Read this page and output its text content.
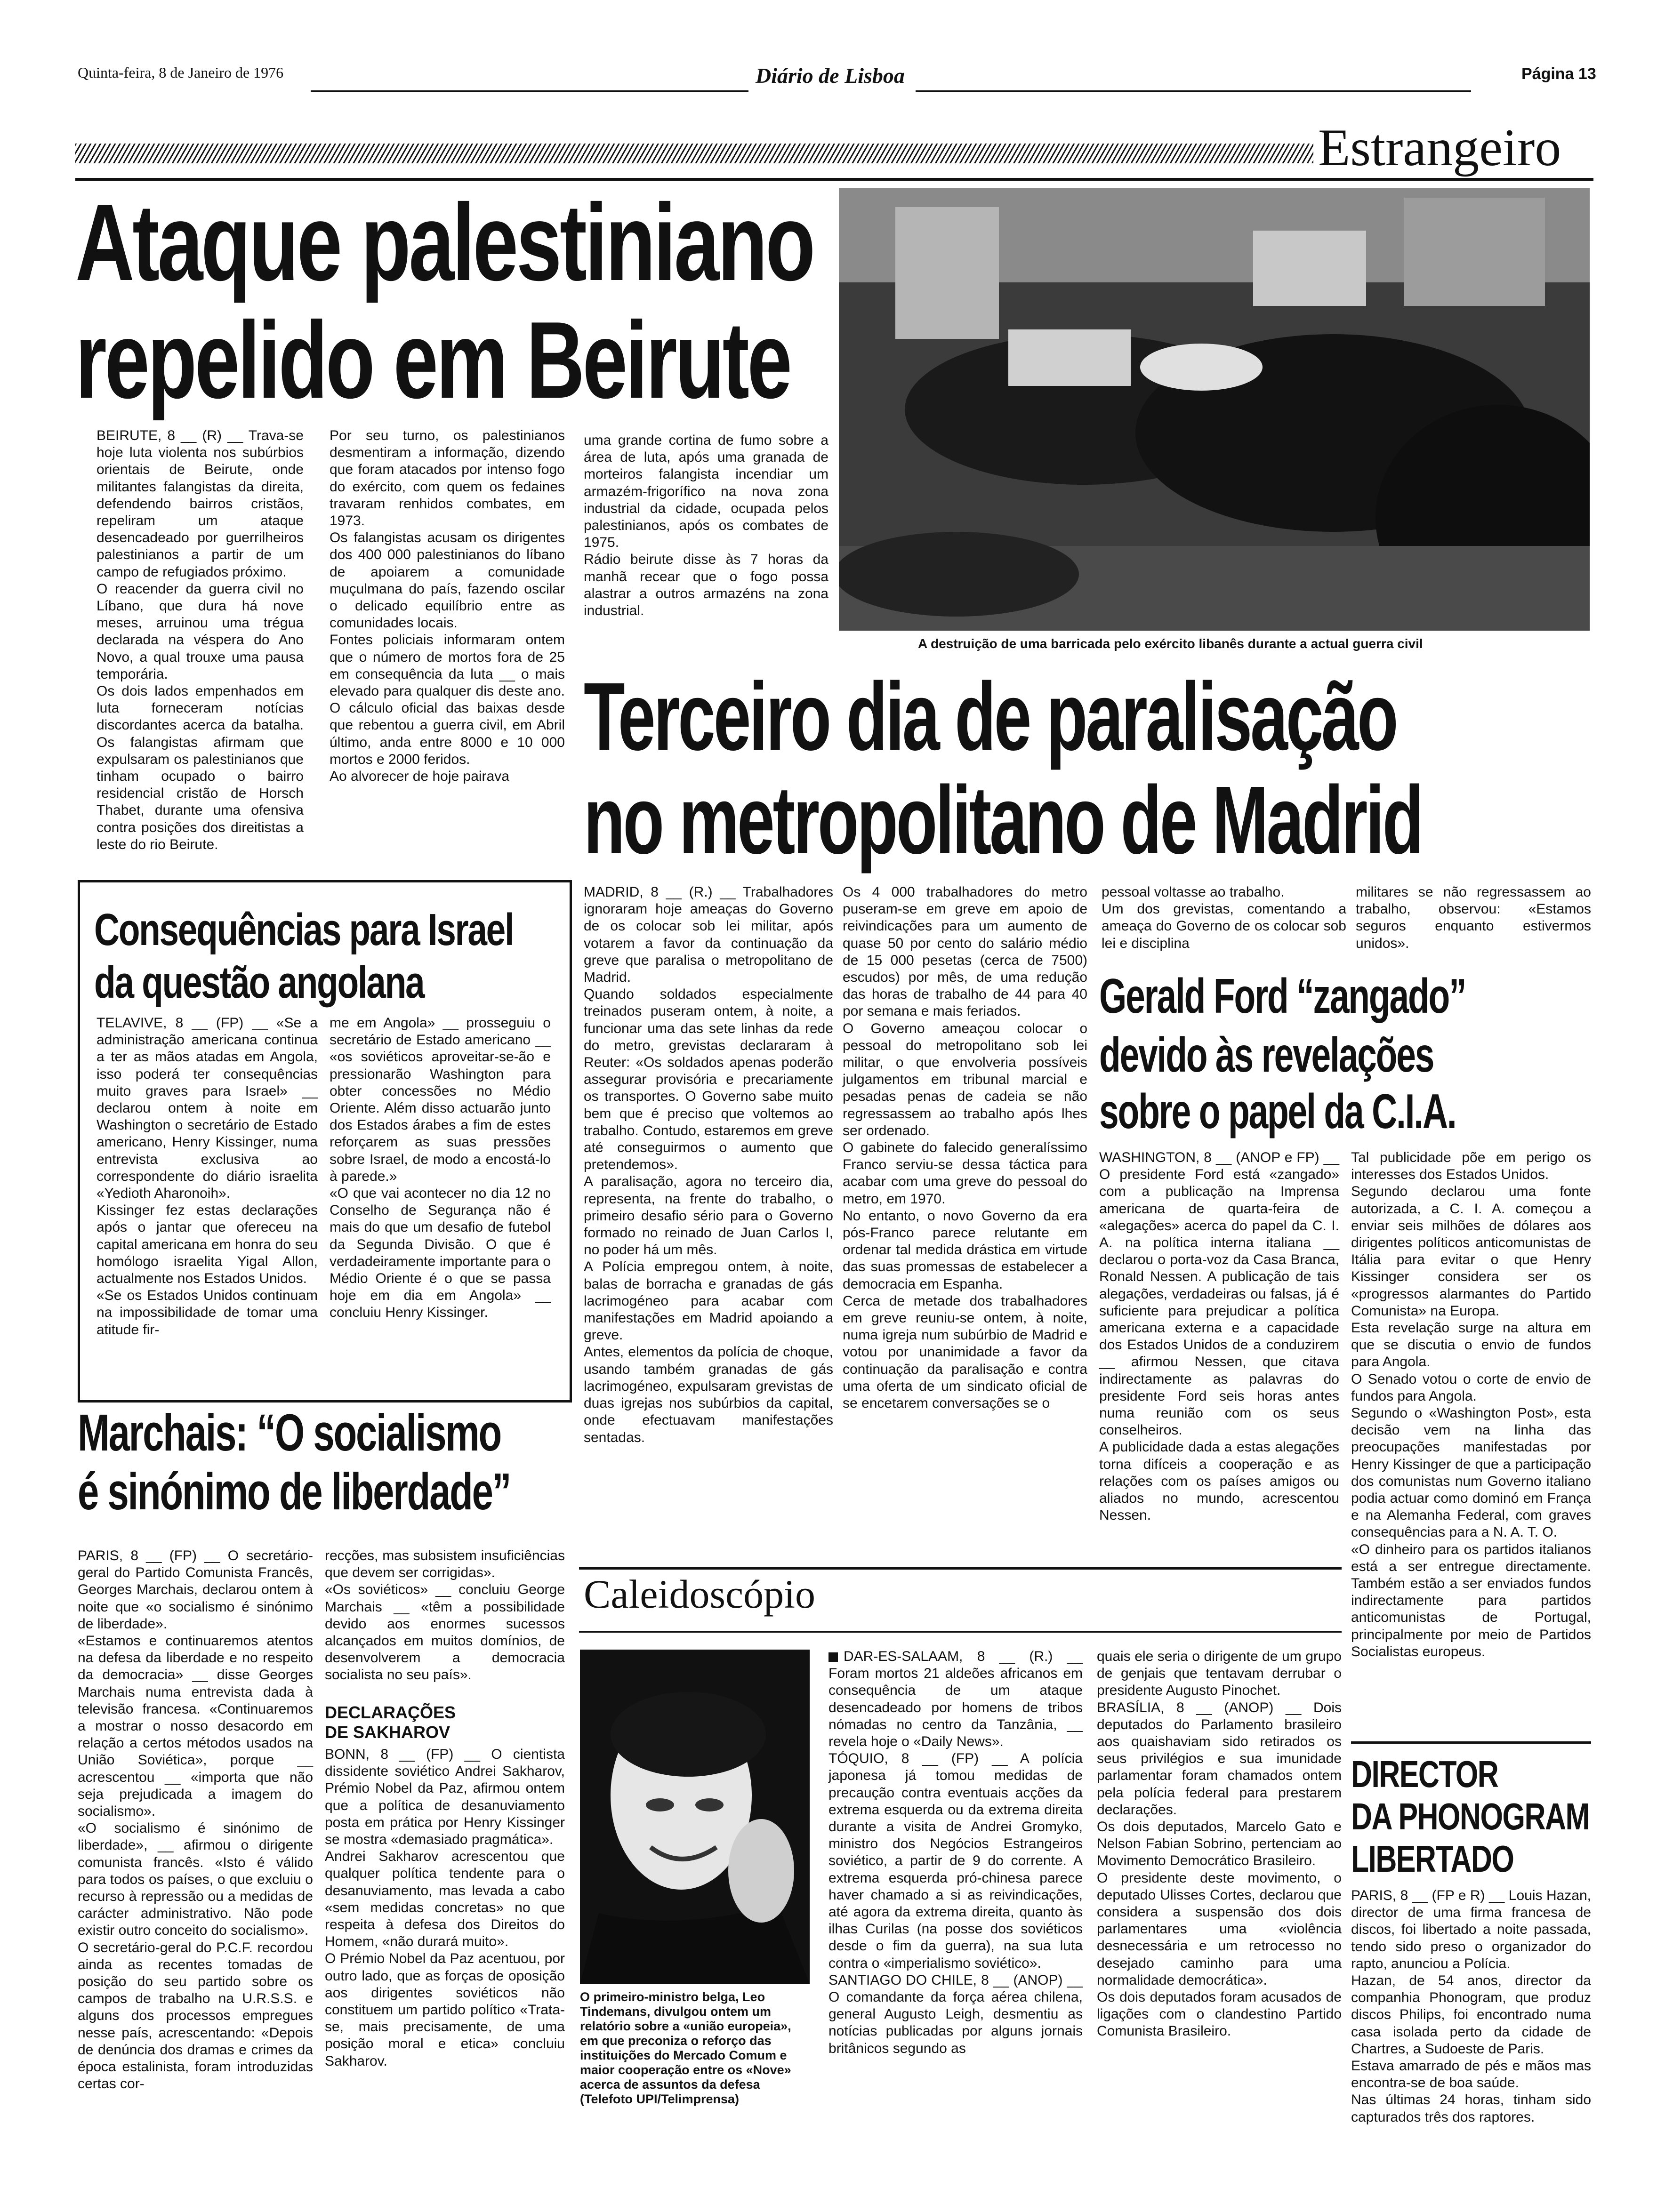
Quinta-feira, 8 de Janeiro de 1976	Diário de Lisboa	Página 13
Estrangeiro
Ataque palestiniano
repelido em Beirute
BEIRUTE, 8 __ (R) __ Trava-se hoje luta violenta nos subúrbios orientais de Beirute, onde militantes falangistas da direita, defendendo bairros cristãos, repeliram um ataque desencadeado por guerrilheiros palestinianos a partir de um campo de refugiados próximo.
O reacender da guerra civil no Líbano, que dura há nove meses, arruinou uma trégua declarada na véspera do Ano Novo, a qual trouxe uma pausa temporária.
Os dois lados empenhados em luta forneceram notícias discordantes acerca da batalha. Os falangistas afirmam que expulsaram os palestinianos que tinham ocupado o bairro residencial cristão de Horsch Thabet, durante uma ofensiva contra posições dos direitistas a leste do rio Beirute.
Por seu turno, os palestinianos desmentiram a informação, dizendo que foram atacados por intenso fogo do exército, com quem os fedaines travaram renhidos combates, em 1973.
Os falangistas acusam os dirigentes dos 400 000 palestinianos do líbano de apoiarem a comunidade muçulmana do país, fazendo oscilar o delicado equilíbrio entre as comunidades locais.
Fontes policiais informaram ontem que o número de mortos fora de 25 em consequência da luta __ o mais elevado para qualquer dis deste ano. O cálculo oficial das baixas desde que rebentou a guerra civil, em Abril último, anda entre 8000 e 10 000 mortos e 2000 feridos.
Ao alvorecer de hoje pairava
uma grande cortina de fumo sobre a área de luta, após uma granada de morteiros falangista incendiar um armazém-frigorífico na nova zona industrial da cidade, ocupada pelos palestinianos, após os combates de 1975.
Rádio beirute disse às 7 horas da manhã recear que o fogo possa alastrar a outros armazéns na zona industrial.
A destruição de uma barricada pelo exército libanês durante a actual guerra civil
Terceiro dia de paralisação
no metropolitano de Madrid
MADRID, 8 __ (R.) __ Trabalhadores ignoraram hoje ameaças do Governo de os colocar sob lei militar, após votarem a favor da continuação da greve que paralisa o metropolitano de Madrid.
Quando soldados especialmente treinados puseram ontem, à noite, a funcionar uma das sete linhas da rede do metro, grevistas declararam à Reuter: «Os soldados apenas poderão assegurar provisória e precariamente os transportes. O Governo sabe muito bem que é preciso que voltemos ao trabalho. Contudo, estaremos em greve até conseguirmos o aumento que pretendemos».
A paralisação, agora no terceiro dia, representa, na frente do trabalho, o primeiro desafio sério para o Governo formado no reinado de Juan Carlos I, no poder há um mês.
A Polícia empregou ontem, à noite, balas de borracha e granadas de gás lacrimogéneo para acabar com manifestações em Madrid apoiando a greve.
Antes, elementos da polícia de choque, usando também granadas de gás lacrimogéneo, expulsaram grevistas de duas igrejas nos subúrbios da capital, onde efectuavam manifestações sentadas.
Os 4 000 trabalhadores do metro puseram-se em greve em apoio de reivindicações para um aumento de quase 50 por cento do salário médio de 15 000 pesetas (cerca de 7500) escudos) por mês, de uma redução das horas de trabalho de 44 para 40 por semana e mais feriados.
O Governo ameaçou colocar o pessoal do metropolitano sob lei militar, o que envolveria possíveis julgamentos em tribunal marcial e pesadas penas de cadeia se não regressassem ao trabalho após lhes ser ordenado.
O gabinete do falecido generalíssimo Franco serviu-se dessa táctica para acabar com uma greve do pessoal do metro, em 1970.
No entanto, o novo Governo da era pós-Franco parece relutante em ordenar tal medida drástica em virtude das suas promessas de estabelecer a democracia em Espanha.
Cerca de metade dos trabalhadores em greve reuniu-se ontem, à noite, numa igreja num subúrbio de Madrid e votou por unanimidade a favor da continuação da paralisação e contra uma oferta de um sindicato oficial de se encetarem conversações se o
pessoal voltasse ao trabalho.
Um dos grevistas, comentando a ameaça do Governo de os colocar sob lei e disciplina
militares se não regressassem ao trabalho, observou: «Estamos seguros enquanto estivermos unidos».
Consequências para Israel
da questão angolana
TELAVIVE, 8 __ (FP) __ «Se a administração americana continua a ter as mãos atadas em Angola, isso poderá ter consequências muito graves para Israel» __ declarou ontem à noite em Washington o secretário de Estado americano, Henry Kissinger, numa entrevista exclusiva ao correspondente do diário israelita «Yedioth Aharonoih».
Kissinger fez estas declarações após o jantar que ofereceu na capital americana em honra do seu homólogo israelita Yigal Allon, actualmente nos Estados Unidos.
«Se os Estados Unidos continuam na impossibilidade de tomar uma atitude fir-
me em Angola» __ prosseguiu o secretário de Estado americano __ «os soviéticos aproveitar-se-ão e pressionarão Washington para obter concessões no Médio Oriente. Além disso actuarão junto dos Estados árabes a fim de estes reforçarem as suas pressões sobre Israel, de modo a encostá-lo à parede.»
«O que vai acontecer no dia 12 no Conselho de Segurança não é mais do que um desafio de futebol da Segunda Divisão. O que é verdadeiramente importante para o Médio Oriente é o que se passa hoje em dia em Angola» __ concluiu Henry Kissinger.
Marchais: “O socialismo
é sinónimo de liberdade”
PARIS, 8 __ (FP) __ O secretário-geral do Partido Comunista Francês, Georges Marchais, declarou ontem à noite que «o socialismo é sinónimo de liberdade».
«Estamos e continuaremos atentos na defesa da liberdade e no respeito da democracia» __ disse Georges Marchais numa entrevista dada à televisão francesa. «Continuaremos a mostrar o nosso desacordo em relação a certos métodos usados na União Soviética», porque __ acrescentou __ «importa que não seja prejudicada a imagem do socialismo».
«O socialismo é sinónimo de liberdade», __ afirmou o dirigente comunista francês. «Isto é válido para todos os países, o que excluiu o recurso à repressão ou a medidas de carácter administrativo. Não pode existir outro conceito do socialismo».
O secretário-geral do P.C.F. recordou ainda as recentes tomadas de posição do seu partido sobre os campos de trabalho na U.R.S.S. e alguns dos processos empregues nesse país, acrescentando: «Depois de denúncia dos dramas e crimes da época estalinista, foram introduzidas certas cor-
recções, mas subsistem insuficiências que devem ser corrigidas».
«Os soviéticos» __ concluiu George Marchais __ «têm a possibilidade devido aos enormes sucessos alcançados em muitos domínios, de desenvolverem a democracia socialista no seu país».
DECLARAÇÕES
DE SAKHAROV
BONN, 8 __ (FP) __ O cientista dissidente soviético Andrei Sakharov, Prémio Nobel da Paz, afirmou ontem que a política de desanuviamento posta em prática por Henry Kissinger se mostra «demasiado pragmática».
Andrei Sakharov acrescentou que qualquer política tendente para o desanuviamento, mas levada a cabo «sem medidas concretas» no que respeita à defesa dos Direitos do Homem, «não durará muito».
O Prémio Nobel da Paz acentuou, por outro lado, que as forças de oposição aos dirigentes soviéticos não constituem um partido político «Trata-se, mais precisamente, de uma posição moral e etica» concluiu Sakharov.
Gerald Ford “zangado”
devido às revelações
sobre o papel da C.I.A.
WASHINGTON, 8 __ (ANOP e FP) __ O presidente Ford está «zangado» com a publicação na Imprensa americana de quarta-feira de «alegações» acerca do papel da C. I. A. na política interna italiana __ declarou o porta-voz da Casa Branca, Ronald Nessen. A publicação de tais alegações, verdadeiras ou falsas, já é suficiente para prejudicar a política americana externa e a capacidade dos Estados Unidos de a conduzirem __ afirmou Nessen, que citava indirectamente as palavras do presidente Ford seis horas antes numa reunião com os seus conselheiros.
A publicidade dada a estas alegações torna difíceis a cooperação e as relações com os países amigos ou aliados no mundo, acrescentou Nessen.
Tal publicidade põe em perigo os interesses dos Estados Unidos.
Segundo declarou uma fonte autorizada, a C. I. A. começou a enviar seis milhões de dólares aos dirigentes políticos anticomunistas de Itália para evitar o que Henry Kissinger considera ser os «progressos alarmantes do Partido Comunista» na Europa.
Esta revelação surge na altura em que se discutia o envio de fundos para Angola.
O Senado votou o corte de envio de fundos para Angola.
Segundo o «Washington Post», esta decisão vem na linha das preocupações manifestadas por Henry Kissinger de que a participação dos comunistas num Governo italiano podia actuar como dominó em França e na Alemanha Federal, com graves consequências para a N. A. T. O.
«O dinheiro para os partidos italianos está a ser entregue directamente. Também estão a ser enviados fundos indirectamente para partidos anticomunistas de Portugal, principalmente por meio de Partidos Socialistas europeus.
Caleidoscópio
O primeiro-ministro belga, Leo Tindemans, divulgou ontem um relatório sobre a «união europeia», em que preconiza o reforço das instituições do Mercado Comum e maior cooperação entre os «Nove» acerca de assuntos da defesa (Telefoto UPI/Telimprensa)
DAR-ES-SALAAM, 8 __ (R.) __ Foram mortos 21 aldeões africanos em consequência de um ataque desencadeado por homens de tribos nómadas no centro da Tanzânia, __ revela hoje o «Daily News».
TÓQUIO, 8 __ (FP) __ A polícia japonesa já tomou medidas de precaução contra eventuais acções da extrema esquerda ou da extrema direita durante a visita de Andrei Gromyko, ministro dos Negócios Estrangeiros soviético, a partir de 9 do corrente. A extrema esquerda pró-chinesa parece haver chamado a si as reivindicações, até agora da extrema direita, quanto às ilhas Curilas (na posse dos soviéticos desde o fim da guerra), na sua luta contra o «imperialismo soviético».
SANTIAGO DO CHILE, 8 __ (ANOP) __ O comandante da força aérea chilena, general Augusto Leigh, desmentiu as notícias publicadas por alguns jornais britânicos segundo as
quais ele seria o dirigente de um grupo de genjais que tentavam derrubar o presidente Augusto Pinochet.
BRASÍLIA, 8 __ (ANOP) __ Dois deputados do Parlamento brasileiro aos quaishaviam sido retirados os seus privilégios e sua imunidade parlamentar foram chamados ontem pela polícia federal para prestarem declarações.
Os dois deputados, Marcelo Gato e Nelson Fabian Sobrino, pertenciam ao Movimento Democrático Brasileiro.
O presidente deste movimento, o deputado Ulisses Cortes, declarou que considera a suspensão dos dois parlamentares uma «violência desnecessária e um retrocesso no desejado caminho para uma normalidade democrática».
Os dois deputados foram acusados de ligações com o clandestino Partido Comunista Brasileiro.
DIRECTOR
DA PHONOGRAM
LIBERTADO
PARIS, 8 __ (FP e R) __ Louis Hazan, director de uma firma francesa de discos, foi libertado a noite passada, tendo sido preso o organizador do rapto, anunciou a Polícia.
Hazan, de 54 anos, director da companhia Phonogram, que produz discos Philips, foi encontrado numa casa isolada perto da cidade de Chartres, a Sudoeste de Paris.
Estava amarrado de pés e mãos mas encontra-se de boa saúde.
Nas últimas 24 horas, tinham sido capturados três dos raptores.
